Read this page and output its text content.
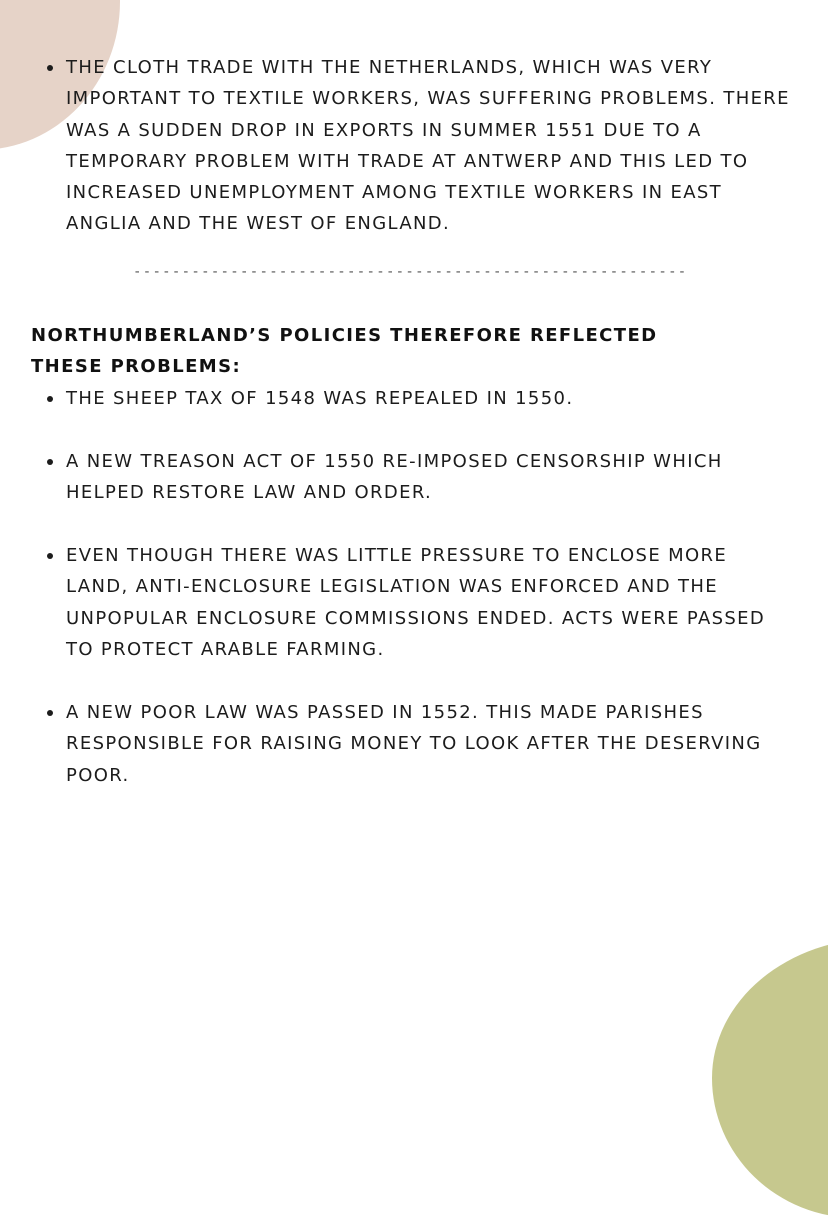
THE CLOTH TRADE WITH THE NETHERLANDS, WHICH WAS VERY IMPORTANT TO TEXTILE WORKERS, WAS SUFFERING PROBLEMS. THERE WAS A SUDDEN DROP IN EXPORTS IN SUMMER 1551 DUE TO A TEMPORARY PROBLEM WITH TRADE AT ANTWERP AND THIS LED TO INCREASED UNEMPLOYMENT AMONG TEXTILE WORKERS IN EAST ANGLIA AND THE WEST OF ENGLAND.
---------------------------------------------------------
NORTHUMBERLAND’S POLICIES THEREFORE REFLECTED THESE PROBLEMS:
THE SHEEP TAX OF 1548 WAS REPEALED IN 1550.
A NEW TREASON ACT OF 1550 RE-IMPOSED CENSORSHIP WHICH HELPED RESTORE LAW AND ORDER.
EVEN THOUGH THERE WAS LITTLE PRESSURE TO ENCLOSE MORE LAND, ANTI-ENCLOSURE LEGISLATION WAS ENFORCED AND THE UNPOPULAR ENCLOSURE COMMISSIONS ENDED. ACTS WERE PASSED TO PROTECT ARABLE FARMING.
A NEW POOR LAW WAS PASSED IN 1552. THIS MADE PARISHES RESPONSIBLE FOR RAISING MONEY TO LOOK AFTER THE DESERVING POOR.
